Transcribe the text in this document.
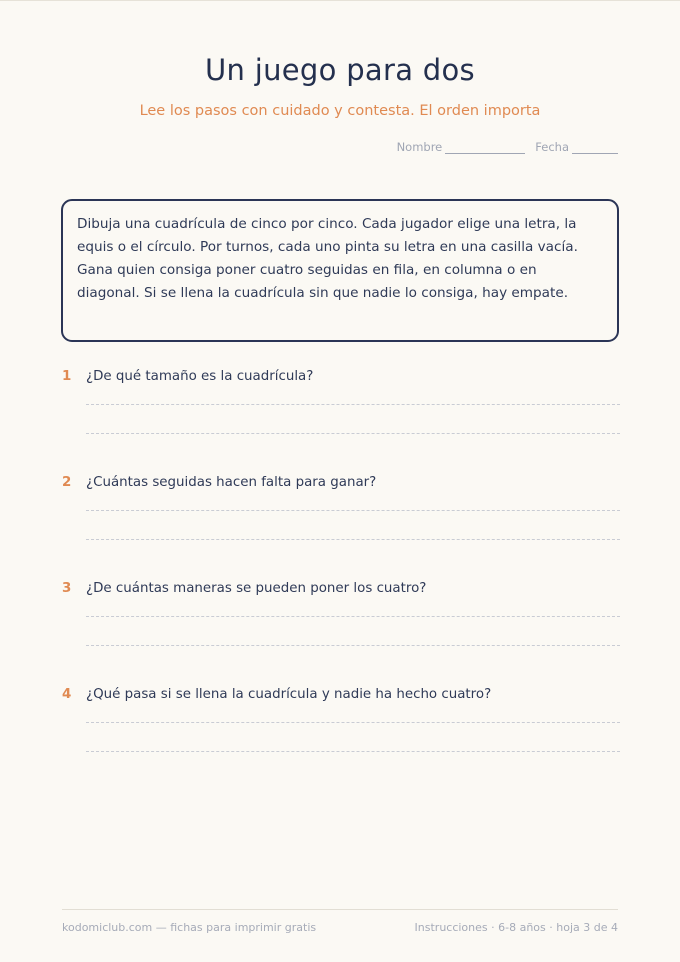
Un juego para dos
Lee los pasos con cuidado y contesta. El orden importa
Nombre	Fecha
Dibuja una cuadrícula de cinco por cinco. Cada jugador elige una letra, la equis o el círculo. Por turnos, cada uno pinta su letra en una casilla vacía. Gana quien consiga poner cuatro seguidas en fila, en columna o en diagonal. Si se llena la cuadrícula sin que nadie lo consiga, hay empate.
1	¿De qué tamaño es la cuadrícula?
2	¿Cuántas seguidas hacen falta para ganar?
3	¿De cuántas maneras se pueden poner los cuatro?
4	¿Qué pasa si se llena la cuadrícula y nadie ha hecho cuatro?
kodomiclub.com — fichas para imprimir gratis	Instrucciones · 6-8 años · hoja 3 de 4
